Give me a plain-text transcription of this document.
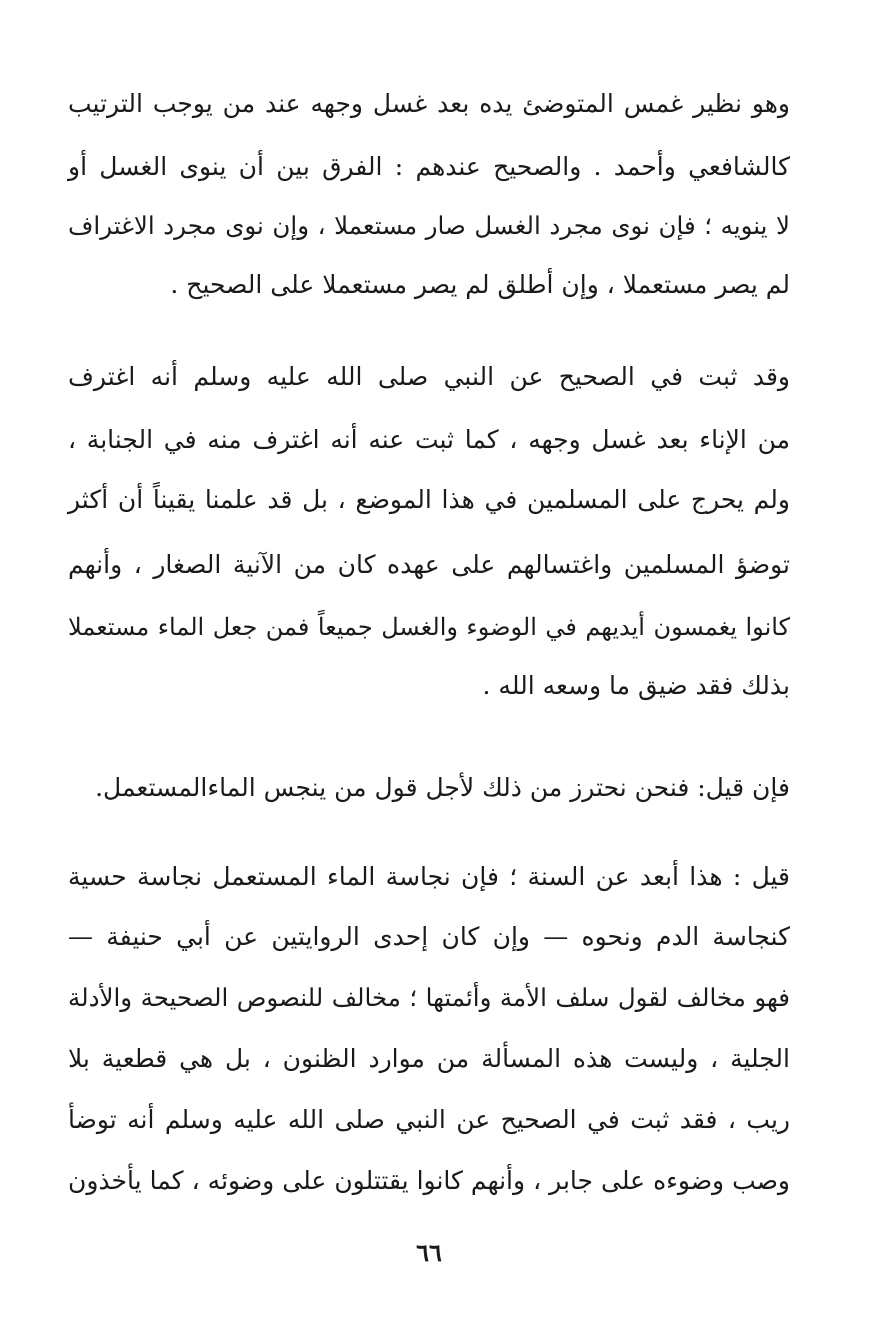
وهو نظير غمس المتوضئ يده بعد غسل وجهه عند من يوجب الترتيب
كالشافعي وأحمد . والصحيح عندهم : الفرق بين أن ينوى الغسل أو
لا ينويه ؛ فإن نوى مجرد الغسل صار مستعملا ، وإن نوى مجرد الاغتراف
لم يصر مستعملا ، وإن أطلق لم يصر مستعملا على الصحيح .
وقد ثبت في الصحيح عن النبي صلى الله عليه وسلم أنه اغترف
من الإناء بعد غسل وجهه ، كما ثبت عنه أنه اغترف منه في الجنابة ،
ولم يحرج على المسلمين في هذا الموضع ، بل قد علمنا يقيناً أن أكثر
توضؤ المسلمين واغتسالهم على عهده كان من الآنية الصغار ، وأنهم
كانوا يغمسون أيديهم في الوضوء والغسل جميعاً فمن جعل الماء مستعملا
بذلك فقد ضيق ما وسعه الله .
فإن قيل: فنحن نحترز من ذلك لأجل قول من ينجس الماءالمستعمل.
قيل : هذا أبعد عن السنة ؛ فإن نجاسة الماء المستعمل نجاسة حسية
كنجاسة الدم ونحوه — وإن كان إحدى الروايتين عن أبي حنيفة —
فهو مخالف لقول سلف الأمة وأئمتها ؛ مخالف للنصوص الصحيحة والأدلة
الجلية ، وليست هذه المسألة من موارد الظنون ، بل هي قطعية بلا
ريب ، فقد ثبت في الصحيح عن النبي صلى الله عليه وسلم أنه توضأ
وصب وضوءه على جابر ، وأنهم كانوا يقتتلون على وضوئه ، كما يأخذون
٦٦
